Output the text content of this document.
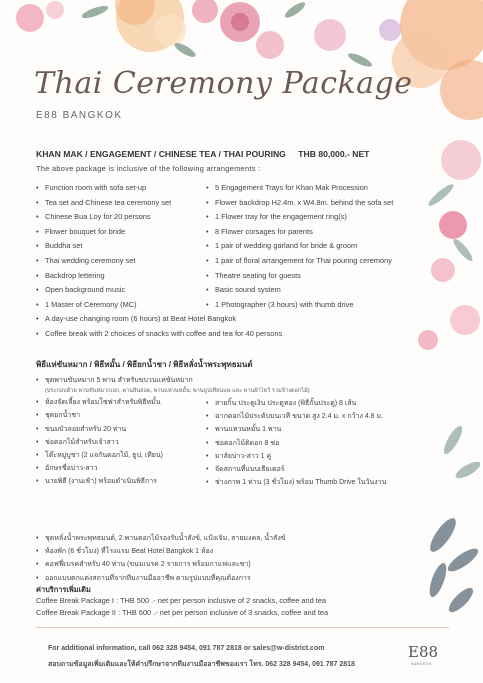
Thai Ceremony Package
E88 BANGKOK
KHAN MAK / ENGAGEMENT / CHINESE TEA / THAI POURING THB 80,000.- NET
The above package is inclusive of the following arrangements :
• Function room with sofa set-up
• Tea set and Chinese tea ceremony set
• Chinese Bua Loy for 20 persons
• Flower bouquet for bride
• Buddha set
• Thai wedding ceremony set
• Backdrop lettering
• Open background music
• 1 Master of Ceremony (MC)
• 5 Engagement Trays for Khan Mak Procession
• Flower backdrop H2.4m. x W4.8m. behind the sofa set
• 1 Flower tray for the engagement ring(s)
• 8 Flower corsages for parents
• 1 pair of wedding garland for bride & groom
• 1 pair of floral arrangement for Thai pouring ceremony
• Theatre seating for guests
• Basic sound system
• 1 Photographer (3 hours) with thumb drive
• A day-use changing room (6 hours) at Beat Hotel Bangkok
• Coffee break with 2 choices of snacks with coffee and tea for 40 persons
พิธีแห่ขันหมาก / พิธีหมั้น / พิธียกน้ำชา / พิธีหลั่งน้ำพระพุทธมนต์
• ชุดพานขันหมาก 5 พาน สำหรับขบวนแห่ขันหมาก
(ประกอบด้วย พานขันหมากเอก, พานสินสอด, พานแหวนหมั้น, พานธูปเทียนแพ และ พานผ้าไหว้ รวมจ้างดอกไม้)
• ห้องจัดเลี้ยง พร้อมโซฟาสำหรับพิธีหมั้น
• ชุดยกน้ำชา
• ขนมบัวลอยสำหรับ 20 ท่าน
• ช่อดอกไม้สำหรับเจ้าสาว
• โต๊ะหมู่บูชา (2 แจกันดอกไม้, ธูป, เทียน)
• อักษรชื่อบ่าว-สาว
• นายพิธี (งานเช้า) พร้อมดำเนินพิธีการ
• สายกิ้น ประดูเงิน ประตูทอง (พิธีกั้นประตู) 8 เส้น
• ฉากดอกไม้ประดับบนเวที ขนาด สูง 2.4 ม. x กว้าง 4.8 ม.
• พานแหวนหมั้น 1 พาน
• ช่อดอกไม้ติดอก 8 ช่อ
• มาลัยบ่าว-สาว 1 คู่
• จัดสถานที่แบบเธียเตอร์
• ช่างภาพ 1 ท่าน (3 ชั่วโมง) พร้อม Thumb Drive ในวันงาน
• ชุดหลั่งน้ำพระพุทธมนต์, 2 พานดอกไม้รองรับน้ำสังข์, แป้งเจิม, สายมงคล, น้ำสังข์
• ห้องพัก (6 ชั่วโมง) ที่โรงแรม Beat Hotel Bangkok 1 ห้อง
• คอฟฟี่เบรคสำหรับ 40 ท่าน (ขนมเบรค 2 รายการ พร้อมกาแฟและชา)
• ออกแบบตกแต่งสถานที่จากทีมงานมืออาชีพ ตามรูปแบบที่คุณต้องการ
ค่าบริการเพิ่มเติม
Coffee Break Package I : THB 500 .- net per person inclusive of 2 snacks, coffee and tea
Coffee Break Package II : THB 600 .- net per person inclusive of 3 snacks, coffee and tea
For additional information, call 062 328 9454, 091 787 2818 or sales@w-district.com
สอบถามข้อมูลเพิ่มเติมและให้คำปรึกษาจากทีมงานมืออาชีพของเรา โทร. 062 328 9454, 091 787 2818
E88
BANGKOK
